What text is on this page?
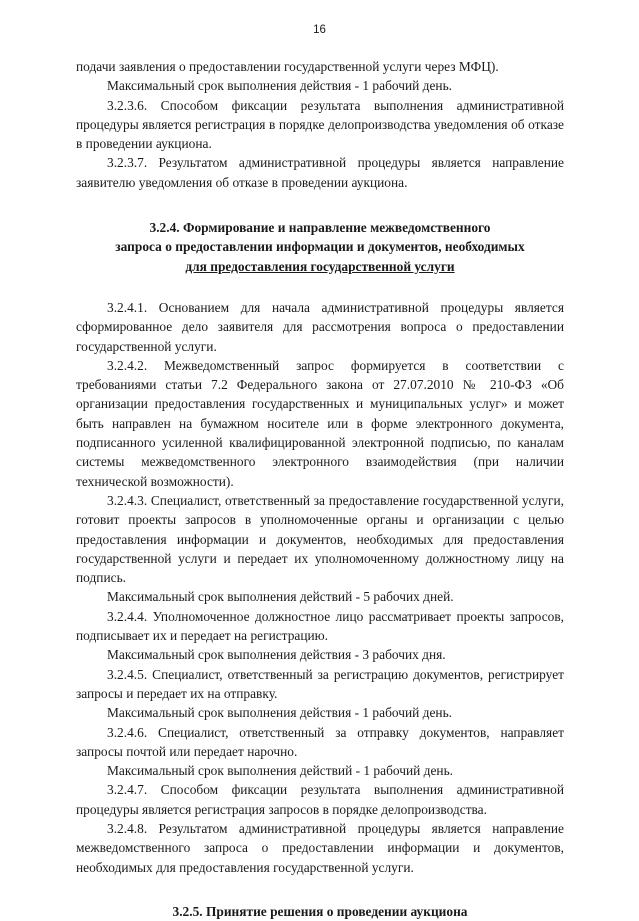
16

подачи заявления о предоставлении государственной услуги через МФЦ).

Максимальный срок выполнения действия - 1 рабочий день.

3.2.3.6. Способом фиксации результата выполнения административной процедуры является регистрация в порядке делопроизводства уведомления об отказе в проведении аукциона.

3.2.3.7. Результатом административной процедуры является направление заявителю уведомления об отказе в проведении аукциона.

3.2.4. Формирование и направление межведомственного
запроса о предоставлении информации и документов, необходимых
для предоставления государственной услуги

3.2.4.1. Основанием для начала административной процедуры является сформированное дело заявителя для рассмотрения вопроса о предоставлении государственной услуги.

3.2.4.2. Межведомственный запрос формируется в соответствии с требованиями статьи 7.2 Федерального закона от 27.07.2010 № 210-ФЗ «Об организации предоставления государственных и муниципальных услуг» и может быть направлен на бумажном носителе или в форме электронного документа, подписанного усиленной квалифицированной электронной подписью, по каналам системы межведомственного электронного взаимодействия (при наличии технической возможности).

3.2.4.3. Специалист, ответственный за предоставление государственной услуги, готовит проекты запросов в уполномоченные органы и организации с целью предоставления информации и документов, необходимых для предоставления государственной услуги и передает их уполномоченному должностному лицу на подпись.

Максимальный срок выполнения действий - 5 рабочих дней.

3.2.4.4. Уполномоченное должностное лицо рассматривает проекты запросов, подписывает их и передает на регистрацию.

Максимальный срок выполнения действия - 3 рабочих дня.

3.2.4.5. Специалист, ответственный за регистрацию документов, регистрирует запросы и передает их на отправку.

Максимальный срок выполнения действия - 1 рабочий день.

3.2.4.6. Специалист, ответственный за отправку документов, направляет запросы почтой или передает нарочно.

Максимальный срок выполнения действий - 1 рабочий день.

3.2.4.7. Способом фиксации результата выполнения административной процедуры является регистрация запросов в порядке делопроизводства.

3.2.4.8. Результатом административной процедуры является направление межведомственного запроса о предоставлении информации и документов, необходимых для предоставления государственной услуги.

3.2.5. Принятие решения о проведении аукциона
